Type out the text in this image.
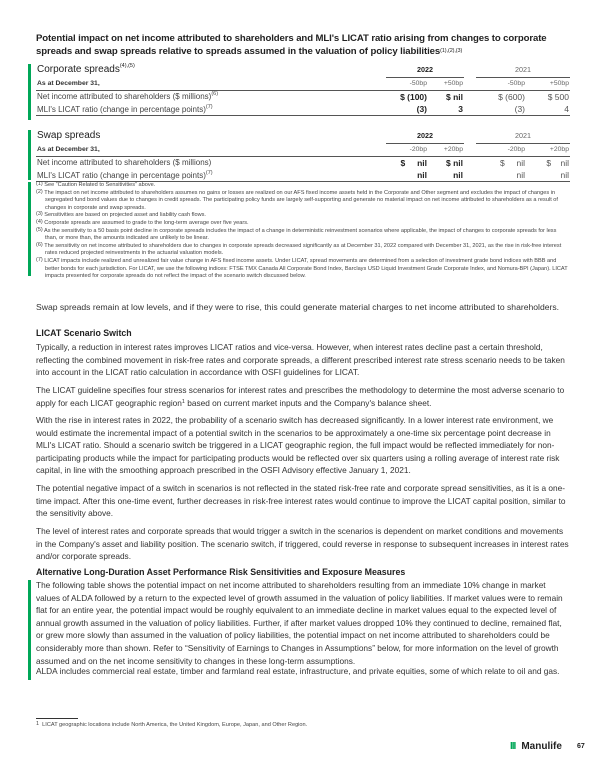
Potential impact on net income attributed to shareholders and MLI's LICAT ratio arising from changes to corporate spreads and swap spreads relative to spreads assumed in the valuation of policy liabilities$^{(1),(2),(3)}$
Corporate spreads$^{(4),(5)}$	2022			2021	
As at December 31,	-50bp	+50bp		-50bp	+50bp
Net income attributed to shareholders ($ millions)$^{(6)}$	$ (100)	$ nil		$ (600)	$ 500
MLI's LICAT ratio (change in percentage points)$^{(7)}$	(3)	3		(3)	4
Swap spreads	2022			2021	
As at December 31,	-20bp	+20bp		-20bp	+20bp
Net income attributed to shareholders ($ millions)	$     nil	$ nil		$     nil	$    nil
MLI's LICAT ratio (change in percentage points)$^{(7)}$	nil	nil		nil	nil
$^{(1)}$ See “Caution Related to Sensitivities” above.
$^{(2)}$ The impact on net income attributed to shareholders assumes no gains or losses are realized on our AFS fixed income assets held in the Corporate and Other segment and excludes the impact of changes in segregated fund bond values due to changes in credit spreads. The participating policy funds are largely self-supporting and generate no material impact on net income attributed to shareholders as a result of changes in corporate and swap spreads.
$^{(3)}$ Sensitivities are based on projected asset and liability cash flows.
$^{(4)}$ Corporate spreads are assumed to grade to the long-term average over five years.
$^{(5)}$ As the sensitivity to a 50 basis point decline in corporate spreads includes the impact of a change in deterministic reinvestment scenarios where applicable, the impact of changes to corporate spreads for less than, or more than, the amounts indicated are unlikely to be linear.
$^{(6)}$ The sensitivity on net income attributed to shareholders due to changes in corporate spreads decreased significantly as at December 31, 2022 compared with December 31, 2021, as the rise in risk-free interest rates reduced projected reinvestments in the actuarial valuation models.
$^{(7)}$ LICAT impacts include realized and unrealized fair value change in AFS fixed income assets. Under LICAT, spread movements are determined from a selection of investment grade bond indices with BBB and better bonds for each jurisdiction. For LICAT, we use the following indices: FTSE TMX Canada All Corporate Bond Index, Barclays USD Liquid Investment Grade Corporate Index, and Nomura-BPI (Japan). LICAT impacts presented for corporate spreads do not reflect the impact of the scenario switch discussed below.
Swap spreads remain at low levels, and if they were to rise, this could generate material charges to net income attributed to shareholders.
LICAT Scenario Switch
Typically, a reduction in interest rates improves LICAT ratios and vice-versa. However, when interest rates decline past a certain threshold, reflecting the combined movement in risk-free rates and corporate spreads, a different prescribed interest rate stress scenario needs to be taken into account in the LICAT ratio calculation in accordance with OSFI guidelines for LICAT.
The LICAT guideline specifies four stress scenarios for interest rates and prescribes the methodology to determine the most adverse scenario to apply for each LICAT geographic region$^1$ based on current market inputs and the Company's balance sheet.
With the rise in interest rates in 2022, the probability of a scenario switch has decreased significantly. In a lower interest rate environment, we would estimate the incremental impact of a potential switch in the scenarios to be approximately a one-time six percentage point decrease in MLI's LICAT ratio. Should a scenario switch be triggered in a LICAT geographic region, the full impact would be reflected immediately for non-participating products while the impact for participating products would be reflected over six quarters using a rolling average of interest rate risk capital, in line with the smoothing approach prescribed in the OSFI Advisory effective January 1, 2021.
The potential negative impact of a switch in scenarios is not reflected in the stated risk-free rate and corporate spread sensitivities, as it is a one-time impact. After this one-time event, further decreases in risk-free interest rates would continue to improve the LICAT capital position, similar to the sensitivity above.
The level of interest rates and corporate spreads that would trigger a switch in the scenarios is dependent on market conditions and movements in the Company's asset and liability position. The scenario switch, if triggered, could reverse in response to subsequent increases in interest rates and/or corporate spreads.
Alternative Long-Duration Asset Performance Risk Sensitivities and Exposure Measures
The following table shows the potential impact on net income attributed to shareholders resulting from an immediate 10% change in market values of ALDA followed by a return to the expected level of growth assumed in the valuation of policy liabilities. If market values were to remain flat for an entire year, the potential impact would be roughly equivalent to an immediate decline in market values equal to the expected level of annual growth assumed in the valuation of policy liabilities. Further, if after market values dropped 10% they continued to decline, remained flat, or grew more slowly than assumed in the valuation of policy liabilities, the potential impact on net income attributed to shareholders could be considerably more than shown. Refer to “Sensitivity of Earnings to Changes in Assumptions” below, for more information on the level of growth assumed and on the net income sensitivity to changes in these long-term assumptions.
ALDA includes commercial real estate, timber and farmland real estate, infrastructure, and private equities, some of which relate to oil and gas.
$^1$ LICAT geographic locations include North America, the United Kingdom, Europe, Japan, and Other Region.
III Manulife 67
